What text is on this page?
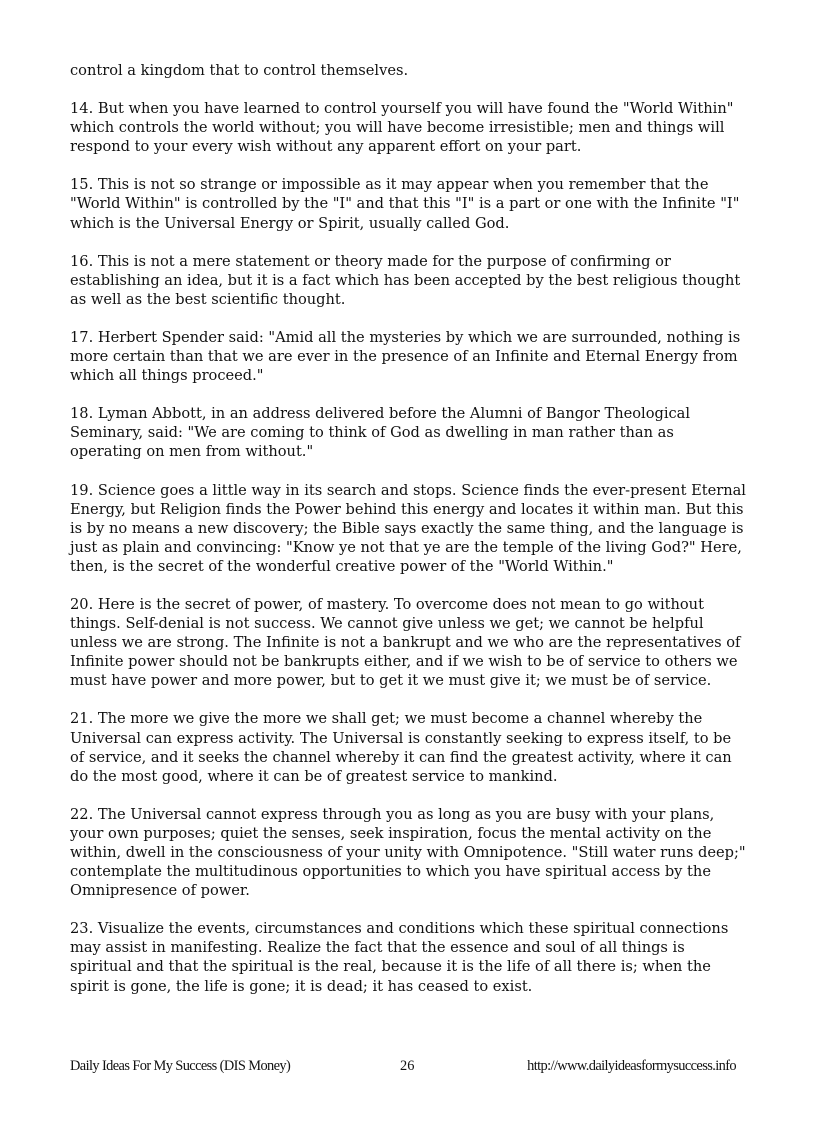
control a kingdom that to control themselves.

14. But when you have learned to control yourself you will have found the "World Within" which controls the world without; you will have become irresistible; men and things will respond to your every wish without any apparent effort on your part.

15. This is not so strange or impossible as it may appear when you remember that the "World Within" is controlled by the "I" and that this "I" is a part or one with the Infinite "I" which is the Universal Energy or Spirit, usually called God.

16. This is not a mere statement or theory made for the purpose of confirming or establishing an idea, but it is a fact which has been accepted by the best religious thought as well as the best scientific thought.

17. Herbert Spender said: "Amid all the mysteries by which we are surrounded, nothing is more certain than that we are ever in the presence of an Infinite and Eternal Energy from which all things proceed."

18. Lyman Abbott, in an address delivered before the Alumni of Bangor Theological Seminary, said: "We are coming to think of God as dwelling in man rather than as operating on men from without."

19. Science goes a little way in its search and stops. Science finds the ever-present Eternal Energy, but Religion finds the Power behind this energy and locates it within man. But this is by no means a new discovery; the Bible says exactly the same thing, and the language is just as plain and convincing: "Know ye not that ye are the temple of the living God?" Here, then, is the secret of the wonderful creative power of the "World Within."

20. Here is the secret of power, of mastery. To overcome does not mean to go without things. Self-denial is not success. We cannot give unless we get; we cannot be helpful unless we are strong. The Infinite is not a bankrupt and we who are the representatives of Infinite power should not be bankrupts either, and if we wish to be of service to others we must have power and more power, but to get it we must give it; we must be of service.

21. The more we give the more we shall get; we must become a channel whereby the Universal can express activity. The Universal is constantly seeking to express itself, to be of service, and it seeks the channel whereby it can find the greatest activity, where it can do the most good, where it can be of greatest service to mankind.

22. The Universal cannot express through you as long as you are busy with your plans, your own purposes; quiet the senses, seek inspiration, focus the mental activity on the within, dwell in the consciousness of your unity with Omnipotence. "Still water runs deep;" contemplate the multitudinous opportunities to which you have spiritual access by the Omnipresence of power.

23. Visualize the events, circumstances and conditions which these spiritual connections may assist in manifesting. Realize the fact that the essence and soul of all things is spiritual and that the spiritual is the real, because it is the life of all there is; when the spirit is gone, the life is gone; it is dead; it has ceased to exist.

Daily Ideas For My Success (DIS Money)	26	http://www.dailyideasformysuccess.info
